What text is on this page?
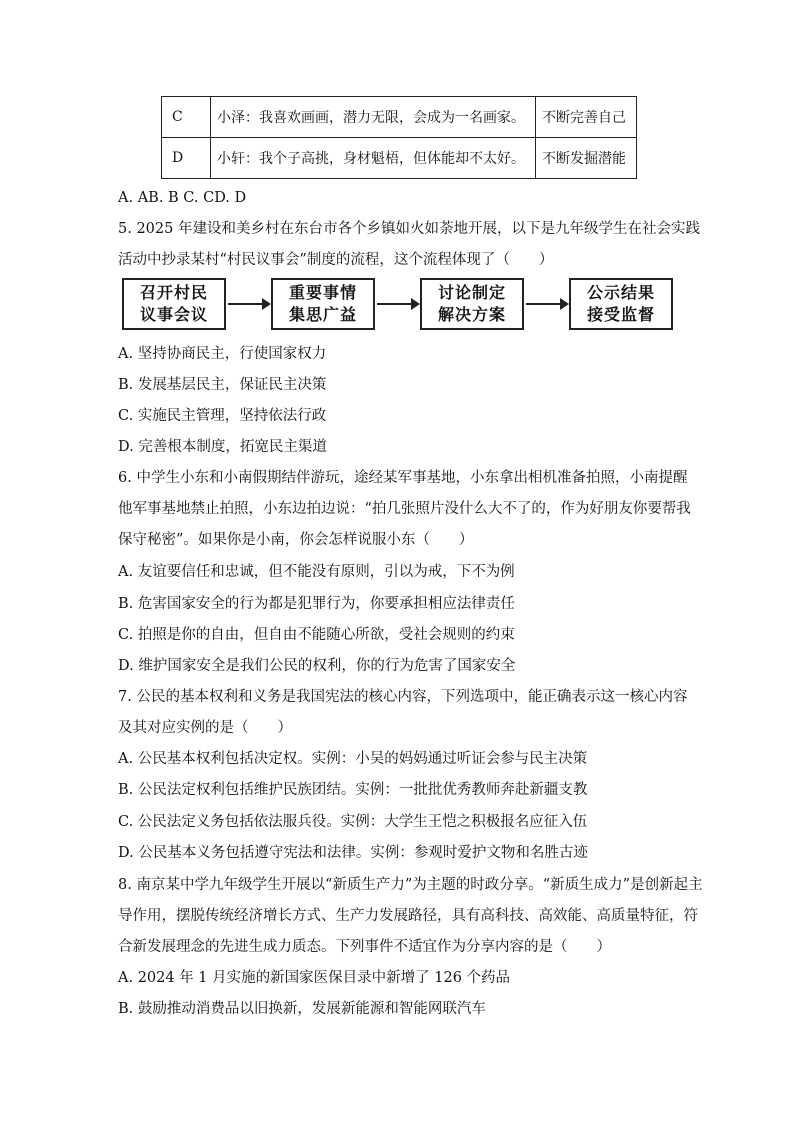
C	小泽：我喜欢画画，潜力无限，会成为一名画家。	不断完善自己
D	小轩：我个子高挑，身材魁梧，但体能却不太好。	不断发掘潜能
A. AB. B C. CD. D
5. 2025 年建设和美乡村在东台市各个乡镇如火如荼地开展，以下是九年级学生在社会实践
活动中抄录某村“村民议事会”制度的流程，这个流程体现了（　　）
召开村民
议事会议
重要事情
集思广益
讨论制定
解决方案
公示结果
接受监督
A. 坚持协商民主，行使国家权力
B. 发展基层民主，保证民主决策
C. 实施民主管理，坚持依法行政
D. 完善根本制度，拓宽民主渠道
6. 中学生小东和小南假期结伴游玩，途经某军事基地，小东拿出相机准备拍照，小南提醒
他军事基地禁止拍照，小东边拍边说：“拍几张照片没什么大不了的，作为好朋友你要帮我
保守秘密”。如果你是小南，你会怎样说服小东（　　）
A. 友谊要信任和忠诚，但不能没有原则，引以为戒，下不为例
B. 危害国家安全的行为都是犯罪行为，你要承担相应法律责任
C. 拍照是你的自由，但自由不能随心所欲，受社会规则的约束
D. 维护国家安全是我们公民的权利，你的行为危害了国家安全
7. 公民的基本权利和义务是我国宪法的核心内容，下列选项中，能正确表示这一核心内容
及其对应实例的是（　　）
A. 公民基本权利包括决定权。实例：小吴的妈妈通过听证会参与民主决策
B. 公民法定权利包括维护民族团结。实例：一批批优秀教师奔赴新疆支教
C. 公民法定义务包括依法服兵役。实例：大学生王恺之积极报名应征入伍
D. 公民基本义务包括遵守宪法和法律。实例：参观时爱护文物和名胜古迹
8. 南京某中学九年级学生开展以“新质生产力”为主题的时政分享。“新质生成力”是创新起主
导作用，摆脱传统经济增长方式、生产力发展路径，具有高科技、高效能、高质量特征，符
合新发展理念的先进生成力质态。下列事件不适宜作为分享内容的是（　　）
A. 2024 年 1 月实施的新国家医保目录中新增了 126 个药品
B. 鼓励推动消费品以旧换新，发展新能源和智能网联汽车
